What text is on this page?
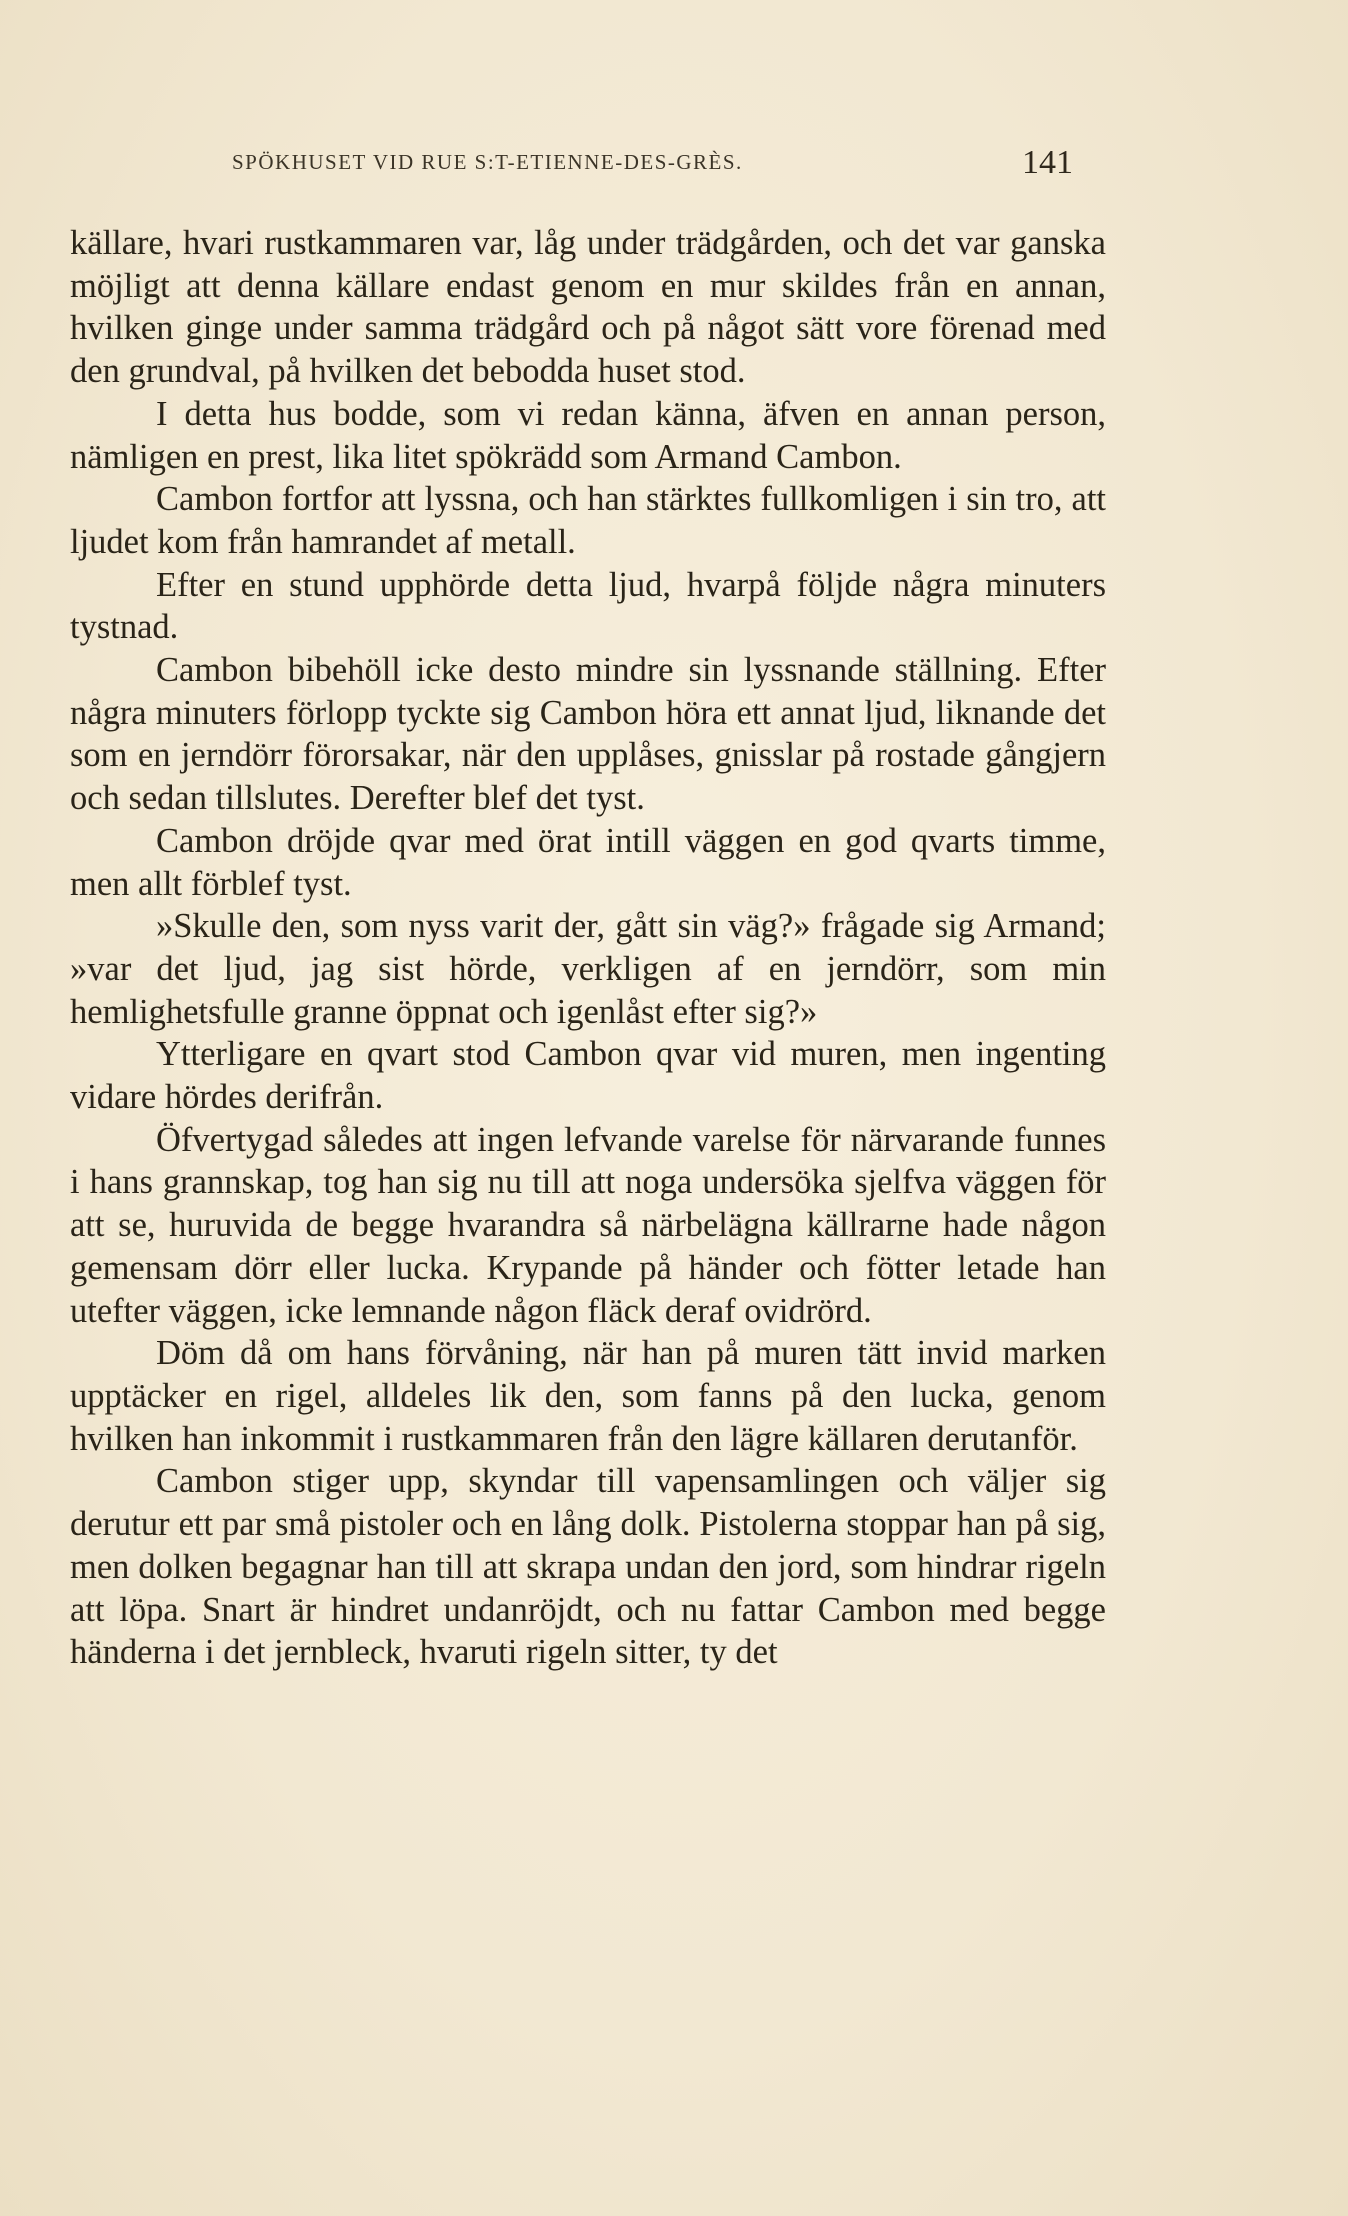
SPÖKHUSET VID RUE S:T-ETIENNE-DES-GRÈS.	141

källare, hvari rustkammaren var, låg under trädgården, och det var ganska möjligt att denna källare endast genom en mur skildes från en annan, hvilken ginge under samma trädgård och på något sätt vore förenad med den grundval, på hvilken det bebodda huset stod.

I detta hus bodde, som vi redan känna, äfven en annan person, nämligen en prest, lika litet spökrädd som Armand Cambon.

Cambon fortfor att lyssna, och han stärktes fullkomligen i sin tro, att ljudet kom från hamrandet af metall.

Efter en stund upphörde detta ljud, hvarpå följde några minuters tystnad.

Cambon bibehöll icke desto mindre sin lyssnande ställning. Efter några minuters förlopp tyckte sig Cambon höra ett annat ljud, liknande det som en jerndörr förorsakar, när den upplåses, gnisslar på rostade gångjern och sedan tillslutes. Derefter blef det tyst.

Cambon dröjde qvar med örat intill väggen en god qvarts timme, men allt förblef tyst.

»Skulle den, som nyss varit der, gått sin väg?» frågade sig Armand; »var det ljud, jag sist hörde, verkligen af en jerndörr, som min hemlighetsfulle granne öppnat och igenlåst efter sig?»

Ytterligare en qvart stod Cambon qvar vid muren, men ingenting vidare hördes derifrån.

Öfvertygad således att ingen lefvande varelse för närvarande funnes i hans grannskap, tog han sig nu till att noga undersöka sjelfva väggen för att se, huruvida de begge hvarandra så närbelägna källrarne hade någon gemensam dörr eller lucka. Krypande på händer och fötter letade han utefter väggen, icke lemnande någon fläck deraf ovidrörd.

Döm då om hans förvåning, när han på muren tätt invid marken upptäcker en rigel, alldeles lik den, som fanns på den lucka, genom hvilken han inkommit i rustkammaren från den lägre källaren derutanför.

Cambon stiger upp, skyndar till vapensamlingen och väljer sig derutur ett par små pistoler och en lång dolk. Pistolerna stoppar han på sig, men dolken begagnar han till att skrapa undan den jord, som hindrar rigeln att löpa. Snart är hindret undanröjdt, och nu fattar Cambon med begge händerna i det jernbleck, hvaruti rigeln sitter, ty det
